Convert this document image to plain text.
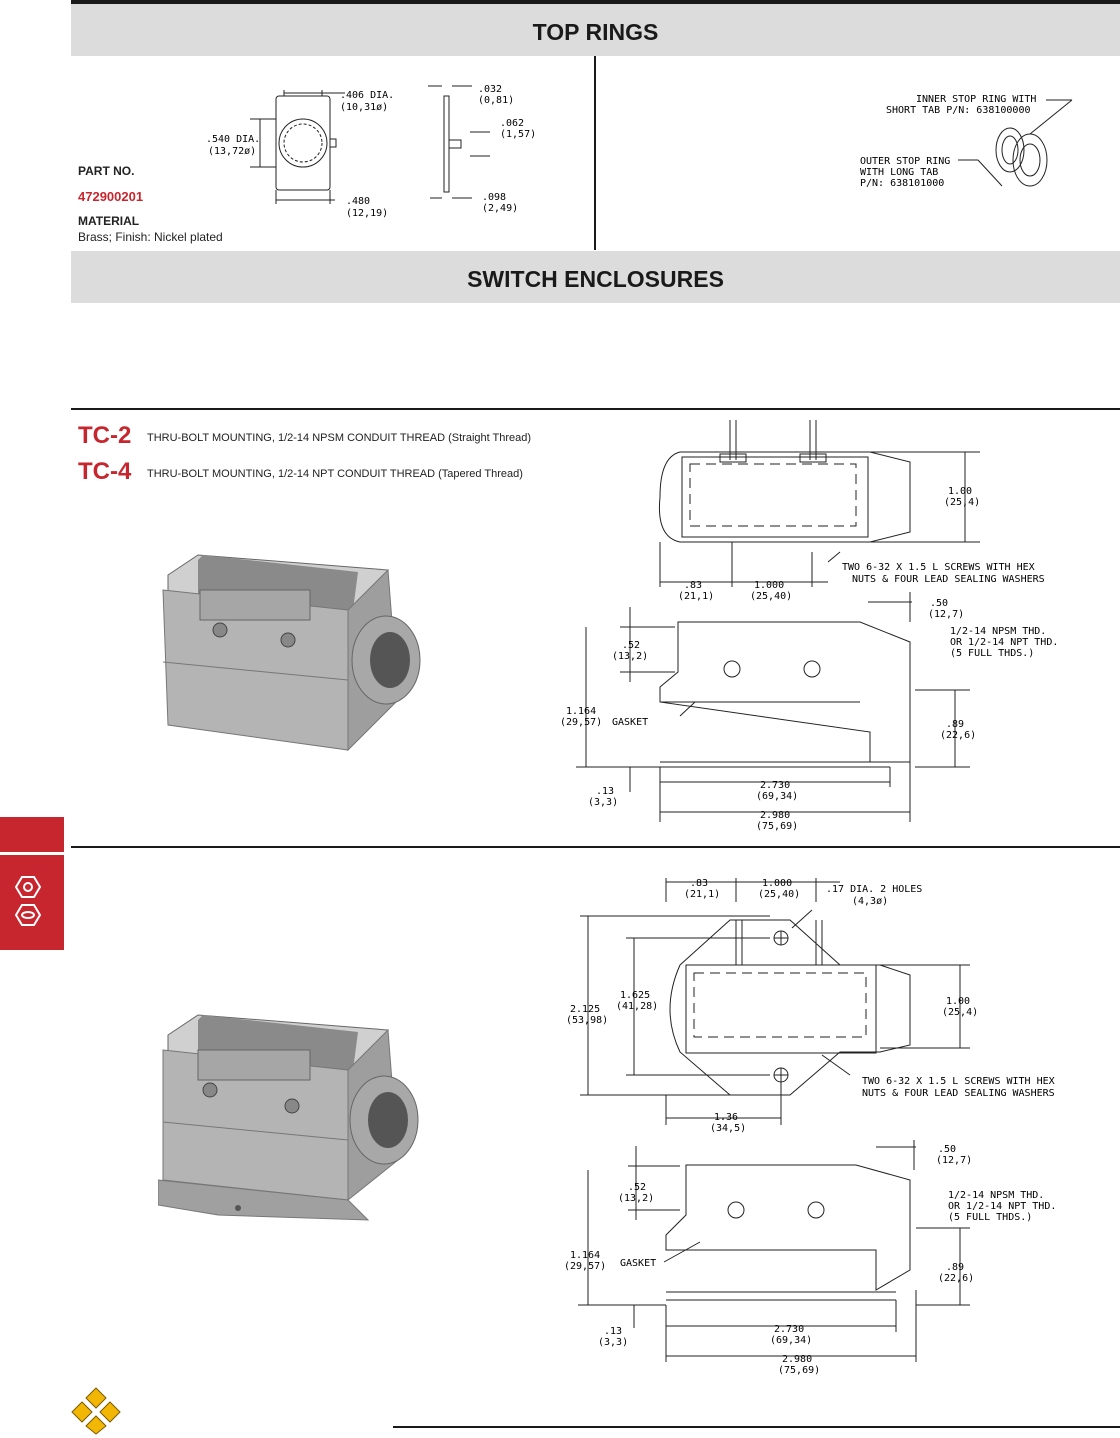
TOP RINGS
PART NO.
472900201
MATERIAL
Brass; Finish: Nickel plated
.406 DIA.
(10,31ø)
.540 DIA.
(13,72ø)
.480
(12,19)
.032
(0,81)
.062
(1,57)
.098
(2,49)
INNER STOP RING WITH
SHORT TAB P/N: 638100000
OUTER STOP RING
WITH LONG TAB
P/N: 638101000
SWITCH ENCLOSURES
TC-2 THRU-BOLT MOUNTING, 1/2-14 NPSM CONDUIT THREAD (Straight Thread)
TC-4 THRU-BOLT MOUNTING, 1/2-14 NPT CONDUIT THREAD (Tapered Thread)
1.00
(25,4)
TWO 6-32 X 1.5 L SCREWS WITH HEX
NUTS & FOUR LEAD SEALING WASHERS
.83
(21,1)
1.000
(25,40)
.50
(12,7)
1/2-14 NPSM THD.
OR 1/2-14 NPT THD.
(5 FULL THDS.)
.52
(13,2)
1.164
(29,57) GASKET	.89
(22,6)
.13
(3,3)
2.730
(69,34)
2.980
(75,69)
.83
(21,1)
1.000
(25,40)	.17 DIA. 2 HOLES
(4,3ø)
2.125
(53,98)
1.625
(41,28)	1.00
(25,4)
TWO 6-32 X 1.5 L SCREWS WITH HEX
NUTS & FOUR LEAD SEALING WASHERS
1.36
(34,5)
.50
(12,7)
1/2-14 NPSM THD.
OR 1/2-14 NPT THD.
(5 FULL THDS.)
.52
(13,2)
1.164
(29,57) GASKET	.89
(22,6)
.13
(3,3)
2.730
(69,34)
2.980
(75,69)
